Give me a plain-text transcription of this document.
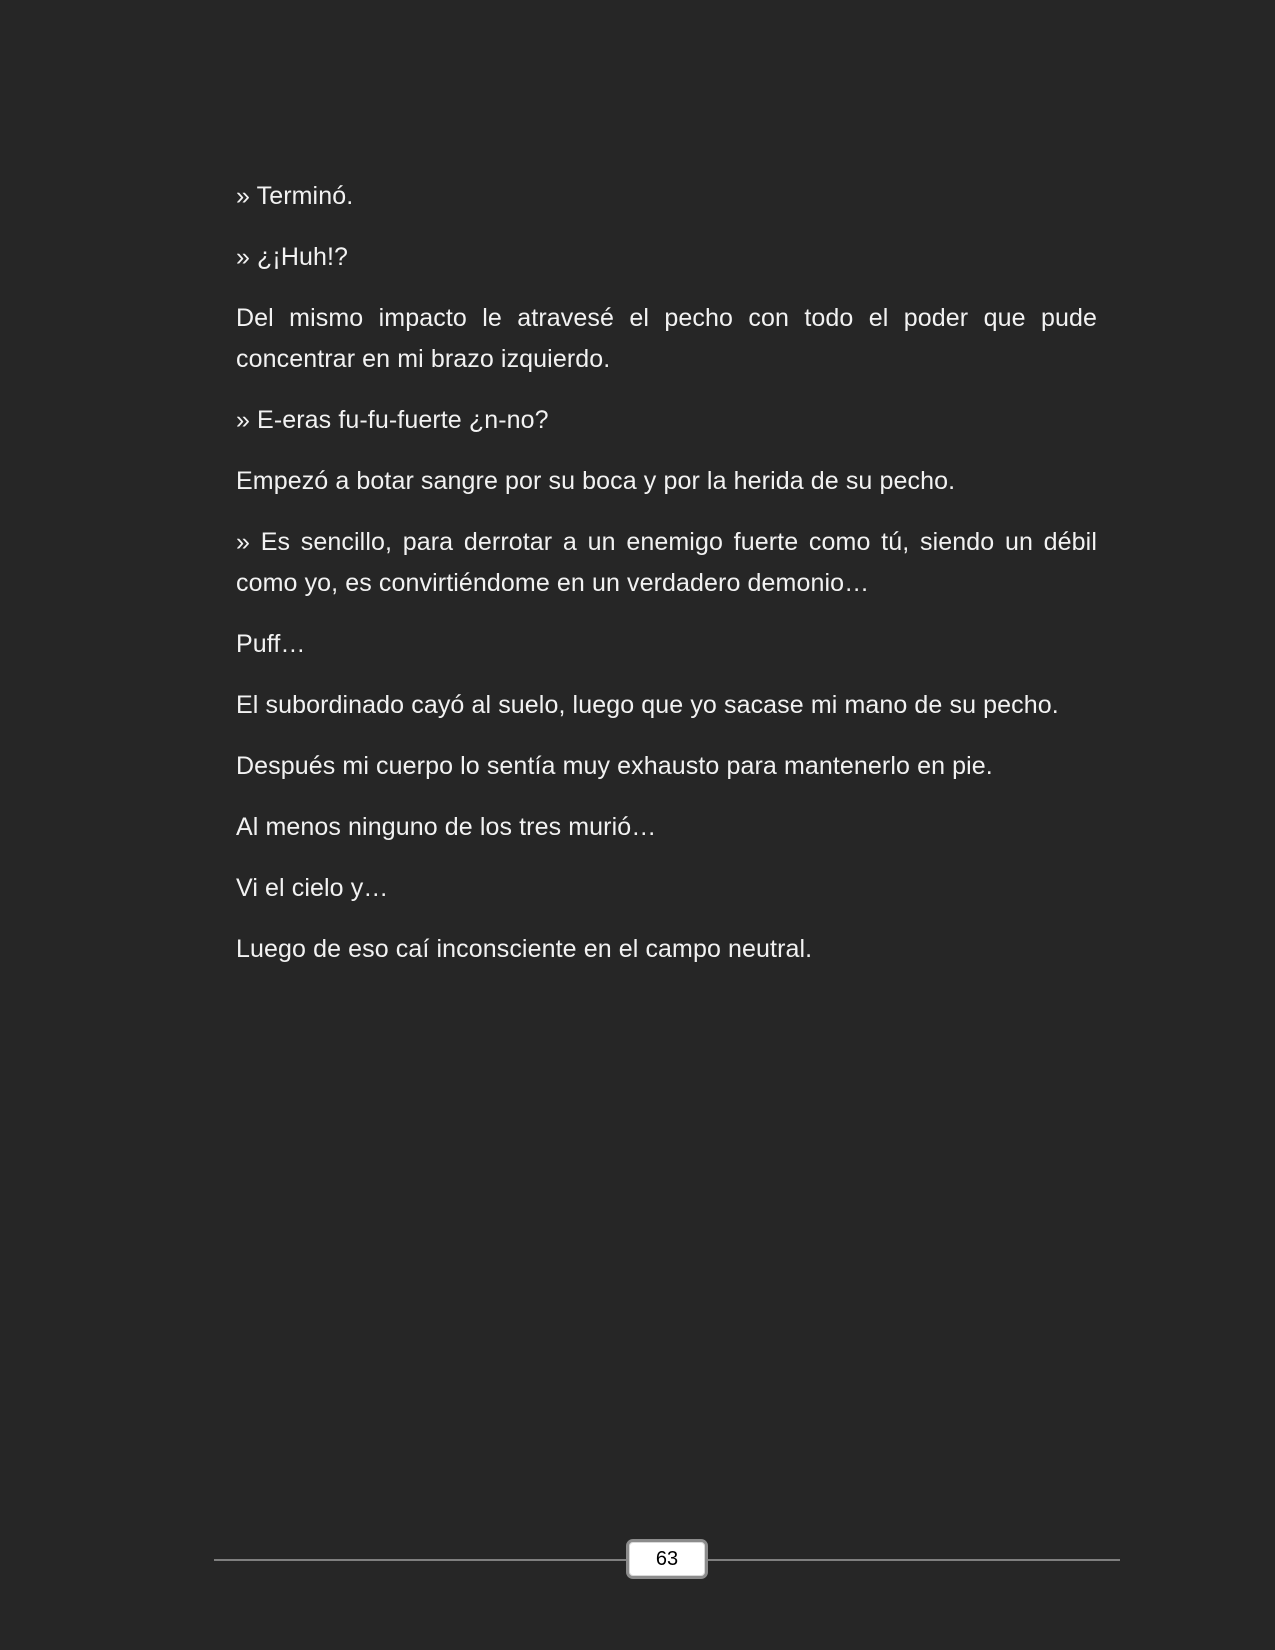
» Terminó.

» ¿¡Huh!?

Del mismo impacto le atravesé el pecho con todo el poder que pude concentrar en mi brazo izquierdo.

» E-eras fu-fu-fuerte ¿n-no?

Empezó a botar sangre por su boca y por la herida de su pecho.

» Es sencillo, para derrotar a un enemigo fuerte como tú, siendo un débil como yo, es convirtiéndome en un verdadero demonio…

Puff…

El subordinado cayó al suelo, luego que yo sacase mi mano de su pecho.

Después mi cuerpo lo sentía muy exhausto para mantenerlo en pie.

Al menos ninguno de los tres murió…

Vi el cielo y…

Luego de eso caí inconsciente en el campo neutral.

63
